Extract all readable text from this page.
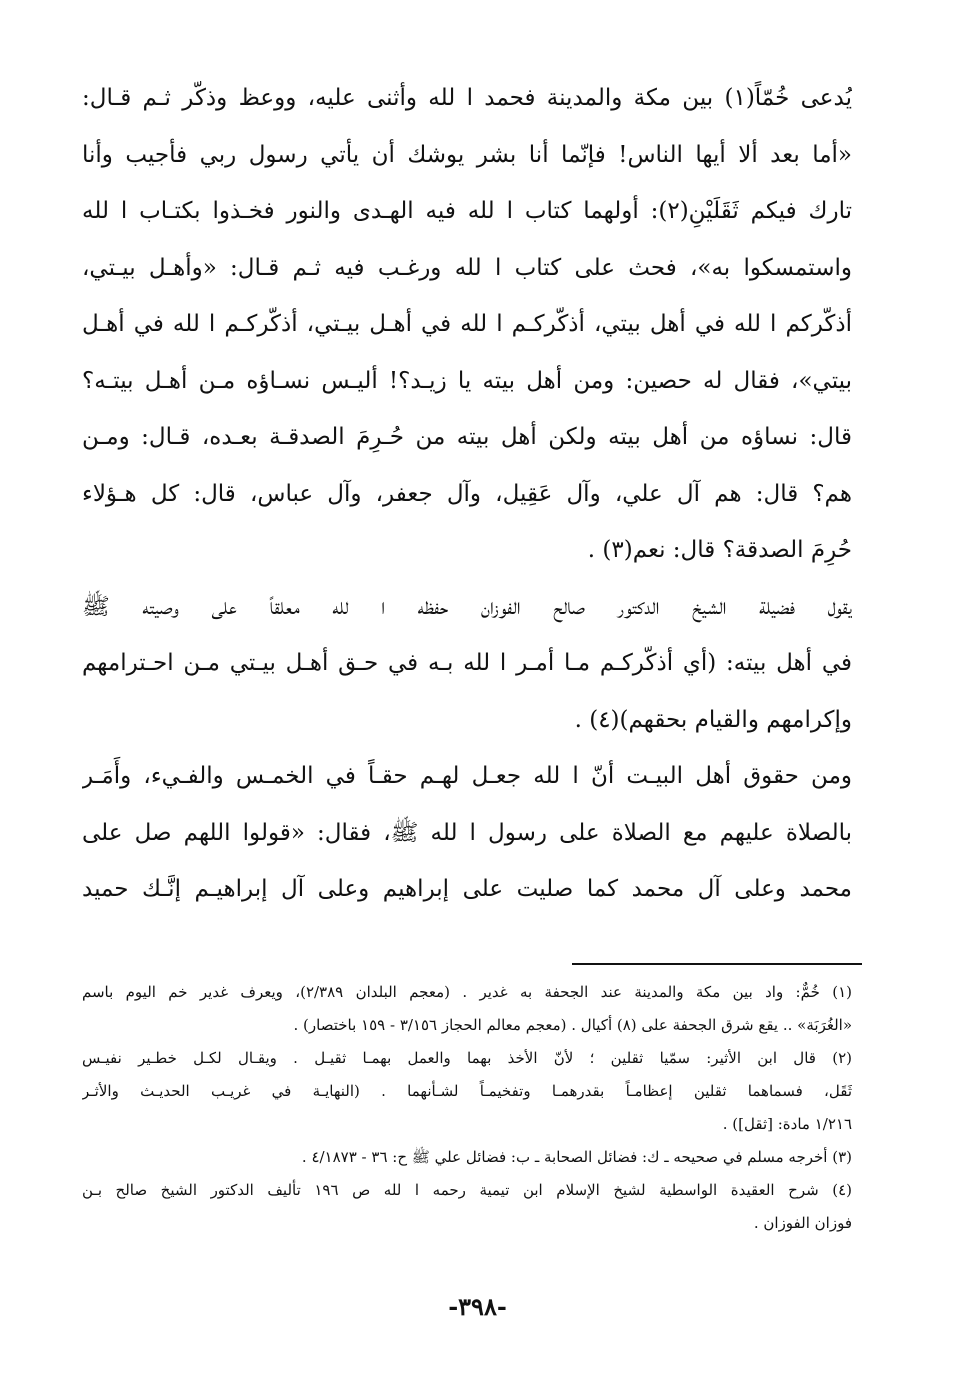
يُدعى خُمّاً(١) بين مكة والمدينة فحمد ا لله وأثنى عليه، ووعظ وذكّر ثـم قـال:
«أما بعد ألا أيها الناس! فإنّما أنا بشر يوشك أن يأتي رسول ربي فأجيب وأنا
تارك فيكم ثَقَلَيْنِ(٢): أولهما كتاب ا لله فيه الهـدى والنور فخـذوا بكتـاب ا لله
واستمسكوا به»، فحث على كتاب ا لله ورغـب فيه ثـم قـال: «وأهـل بيـتي،
أذكّركم ا لله في أهل بيتي، أذكّركـم ا لله في أهـل بيـتي، أذكّركـم ا لله في أهـل
بيتي»، فقال له حصين: ومن أهل بيته يا زيـد؟! أليـس نسـاؤه مـن أهـل بيتـه؟
قال: نساؤه من أهل بيته ولكن أهل بيته من حُـرِمَ الصدقـة بعـده، قـال: ومـن
هم؟ قال: هم آل علي، وآل عَقِيل، وآل جعفر، وآل عباس، قال: كل هـؤلاء
حُرِمَ الصدقة؟ قال: نعم(٣) .
يقول فضيلة الشيخ الدكتور صالح الفوزان حفظه ا لله معلقاً على وصيته ﷺ
في أهل بيته: (أي أذكّركـم مـا أمـر ا لله بـه في حـق أهـل بيـتي مـن احـترامهم
وإكرامهم والقيام بحقهم)(٤) .
ومن حقوق أهل البيـت أنّ ا لله جعـل لهـم حقـاً في الخمـس والفـيء، وأَمَـر
بالصلاة عليهم مع الصلاة على رسول ا لله ﷺ، فقال: «قولوا اللهم صل على
محمد وعلى آل محمد كما صليت على إبراهيم وعلى آل إبراهيـم إنَّـك حميد
(١) خُمٌّ: واد بين مكة والمدينة عند الجحفة به غدير . (معجم البلدان ٢/٣٨٩)، ويعرف غدير خم اليوم باسم
«الغُرَبَة» .. يقع شرق الجحفة على (٨) أكيال . (معجم معالم الحجاز ٣/١٥٦ - ١٥٩ باختصار) .
(٢) قال ابن الأثير: سمّيا ثقلين ؛ لأنّ الأخذ بهما والعمل بهمـا ثقيـل . ويقـال لكـل خطـير نفيـس
ثَقَل، فسماهما ثقلين إعظامـاً بقدرهمـا وتفخيمـاً لشـأنهما . (النهايـة في غريـب الحديـث والأثـر
١/٢١٦ مادة: [ثقل]) .
(٣) أخرجه مسلم في صحيحه ـ ك: فضائل الصحابة ـ ب: فضائل علي ﷺ ح: ٣٦ - ٤/١٨٧٣ .
(٤) شرح العقيدة الواسطية لشيخ الإسلام ابن تيمية رحمه ا لله ص ١٩٦ تأليف الدكتور الشيخ صالح بـن
فوزان الفوزان .
-٣٩٨-
